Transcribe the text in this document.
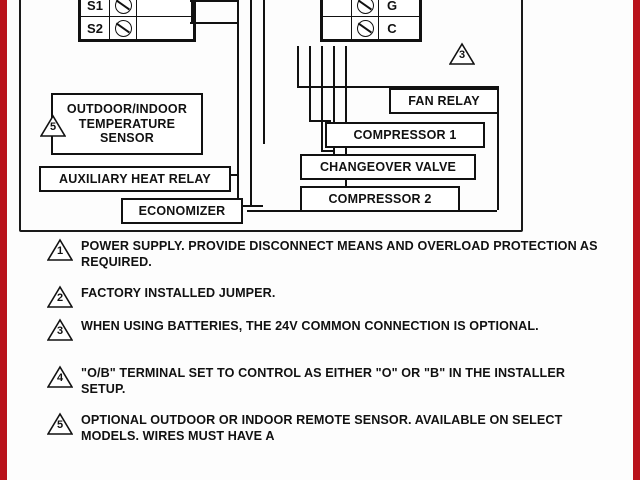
S1
S2
G
C
OUTDOOR/INDOOR TEMPERATURE SENSOR
AUXILIARY HEAT RELAY
ECONOMIZER
FAN RELAY
COMPRESSOR 1
CHANGEOVER VALVE
COMPRESSOR 2
3
5
1	POWER SUPPLY. PROVIDE DISCONNECT MEANS AND OVERLOAD PROTECTION AS REQUIRED.
2	FACTORY INSTALLED JUMPER.
3	WHEN USING BATTERIES, THE 24V COMMON CONNECTION IS OPTIONAL.
4	"O/B" TERMINAL SET TO CONTROL AS EITHER "O" OR "B" IN THE INSTALLER SETUP.
5	OPTIONAL OUTDOOR OR INDOOR REMOTE SENSOR. AVAILABLE ON SELECT MODELS. WIRES MUST HAVE A
